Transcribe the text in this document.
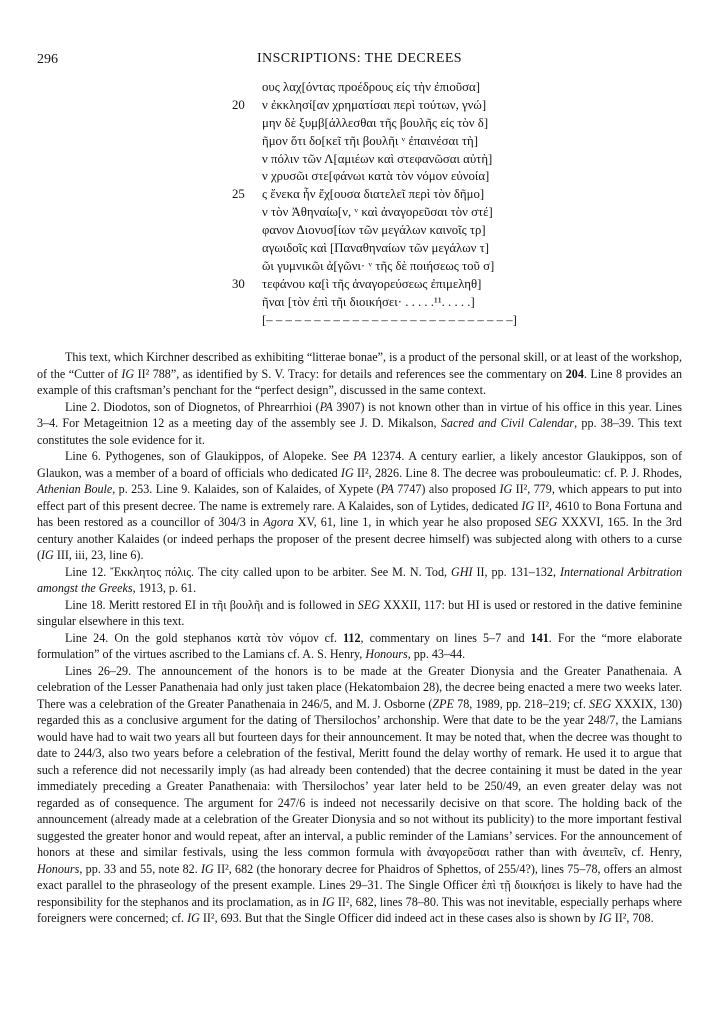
296	INSCRIPTIONS: THE DECREES
ους λαχ[όντας προέδρους είς τὴν ἐπιοῦσα]
20	ν ἐκκλησί[αν χρηματίσαι περὶ τούτων, γνώ]
μην δὲ ξυμβ[άλλεσθαι τῆς βουλῆς είς τὸν δ]
ῆμον ὅτι δο[κεῖ τῆι βουλῆι ᵛ ἐπαινέσαι τὴ]
ν πόλιν τῶν Λ[αμιέων καὶ στεφανῶσαι αὐτὴ]
ν χρυσῶι στε[φάνωι κατὰ τὸν νόμον εὐνοία]
25	ς ἕνεκα ἧν ἔχ[ουσα διατελεῖ περὶ τὸν δῆμο]
ν τὸν Ἀθηναίω[ν, ᵛ καὶ ἀναγορεῦσαι τὸν στέ]
φανον Διονυσ[ίων τῶν μεγάλων καινοῖς τρ]
αγωιδοῖς καὶ [Παναθηναίων τῶν μεγάλων τ]
ῶι γυμνικῶι ἀ[γῶνι· ᵛ τῆς δὲ ποιήσεως τοῦ σ]
30	τεφάνου κα[ὶ τῆς ἀναγορεύσεως ἐπιμεληθ]
ῆναι [τὸν ἐπὶ τῆι διοικήσει· . . . . .¹¹. . . . .]
[– – – – – – – – – – – – – – – – – – – – – – – – – –]

This text, which Kirchner described as exhibiting “litterae bonae”, is a product of the personal skill, or at least of the workshop, of the “Cutter of IG II² 788”, as identified by S. V. Tracy: for details and references see the commentary on 204. Line 8 provides an example of this craftsman’s penchant for the “perfect design”, discussed in the same context.

Line 2. Diodotos, son of Diognetos, of Phrearrhioi (PA 3907) is not known other than in virtue of his office in this year. Lines 3–4. For Metageitnion 12 as a meeting day of the assembly see J. D. Mikalson, Sacred and Civil Calendar, pp. 38–39. This text constitutes the sole evidence for it.

Line 6. Pythogenes, son of Glaukippos, of Alopeke. See PA 12374. A century earlier, a likely ancestor Glaukippos, son of Glaukon, was a member of a board of officials who dedicated IG II², 2826. Line 8. The decree was probouleumatic: cf. P. J. Rhodes, Athenian Boule, p. 253. Line 9. Kalaides, son of Kalaides, of Xypete (PA 7747) also proposed IG II², 779, which appears to put into effect part of this present decree. The name is extremely rare. A Kalaides, son of Lytides, dedicated IG II², 4610 to Bona Fortuna and has been restored as a councillor of 304/3 in Agora XV, 61, line 1, in which year he also proposed SEG XXXVI, 165. In the 3rd century another Kalaides (or indeed perhaps the proposer of the present decree himself) was subjected along with others to a curse (IG III, iii, 23, line 6).

Line 12. Ἔκκλητος πόλις. The city called upon to be arbiter. See M. N. Tod, GHI II, pp. 131–132, International Arbitration amongst the Greeks, 1913, p. 61.

Line 18. Meritt restored EI in τῆι βουλῆι and is followed in SEG XXXII, 117: but HI is used or restored in the dative feminine singular elsewhere in this text.

Line 24. On the gold stephanos κατὰ τὸν νόμον cf. 112, commentary on lines 5–7 and 141. For the “more elaborate formulation” of the virtues ascribed to the Lamians cf. A. S. Henry, Honours, pp. 43–44.

Lines 26–29. The announcement of the honors is to be made at the Greater Dionysia and the Greater Panathenaia. A celebration of the Lesser Panathenaia had only just taken place (Hekatombaion 28), the decree being enacted a mere two weeks later. There was a celebration of the Greater Panathenaia in 246/5, and M. J. Osborne (ZPE 78, 1989, pp. 218–219; cf. SEG XXXIX, 130) regarded this as a conclusive argument for the dating of Thersilochos’ archonship. Were that date to be the year 248/7, the Lamians would have had to wait two years all but fourteen days for their announcement. It may be noted that, when the decree was thought to date to 244/3, also two years before a celebration of the festival, Meritt found the delay worthy of remark. He used it to argue that such a reference did not necessarily imply (as had already been contended) that the decree containing it must be dated in the year immediately preceding a Greater Panathenaia: with Thersilochos’ year later held to be 250/49, an even greater delay was not regarded as of consequence. The argument for 247/6 is indeed not necessarily decisive on that score. The holding back of the announcement (already made at a celebration of the Greater Dionysia and so not without its publicity) to the more important festival suggested the greater honor and would repeat, after an interval, a public reminder of the Lamians’ services. For the announcement of honors at these and similar festivals, using the less common formula with ἀναγορεῦσαι rather than with ἀνειπεῖν, cf. Henry, Honours, pp. 33 and 55, note 82. IG II², 682 (the honorary decree for Phaidros of Sphettos, of 255/4?), lines 75–78, offers an almost exact parallel to the phraseology of the present example. Lines 29–31. The Single Officer ἐπὶ τῇ διοικήσει is likely to have had the responsibility for the stephanos and its proclamation, as in IG II², 682, lines 78–80. This was not inevitable, especially perhaps where foreigners were concerned; cf. IG II², 693. But that the Single Officer did indeed act in these cases also is shown by IG II², 708.
